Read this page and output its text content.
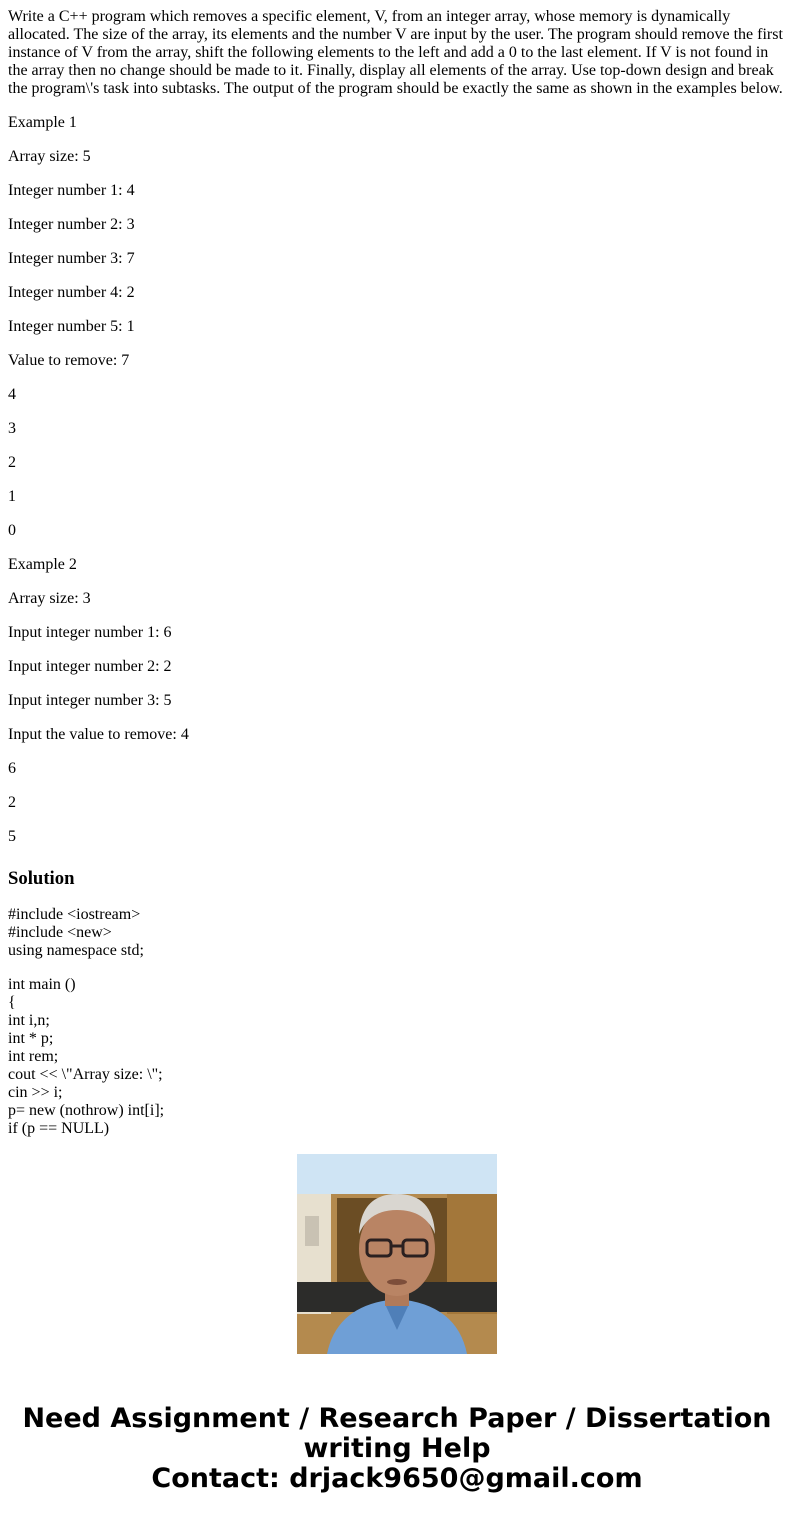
Write a C++ program which removes a specific element, V, from an integer array, whose memory is dynamically allocated. The size of the array, its elements and the number V are input by the user. The program should remove the first instance of V from the array, shift the following elements to the left and add a 0 to the last element. If V is not found in the array then no change should be made to it. Finally, display all elements of the array. Use top-down design and break the program\'s task into subtasks. The output of the program should be exactly the same as shown in the examples below.

Example 1

Array size: 5

Integer number 1: 4

Integer number 2: 3

Integer number 3: 7

Integer number 4: 2

Integer number 5: 1

Value to remove: 7

4

3

2

1

0

Example 2

Array size: 3

Input integer number 1: 6

Input integer number 2: 2

Input integer number 3: 5

Input the value to remove: 4

6

2

5

Solution
#include <iostream>
#include <new>
using namespace std;
int main ()
{
int i,n;
int * p;
int rem;
cout << \"Array size: \";
cin >> i;
p= new (nothrow) int[i];
if (p == NULL)
Need Assignment / Research Paper / Dissertation
writing Help
Contact: drjack9650@gmail.com
